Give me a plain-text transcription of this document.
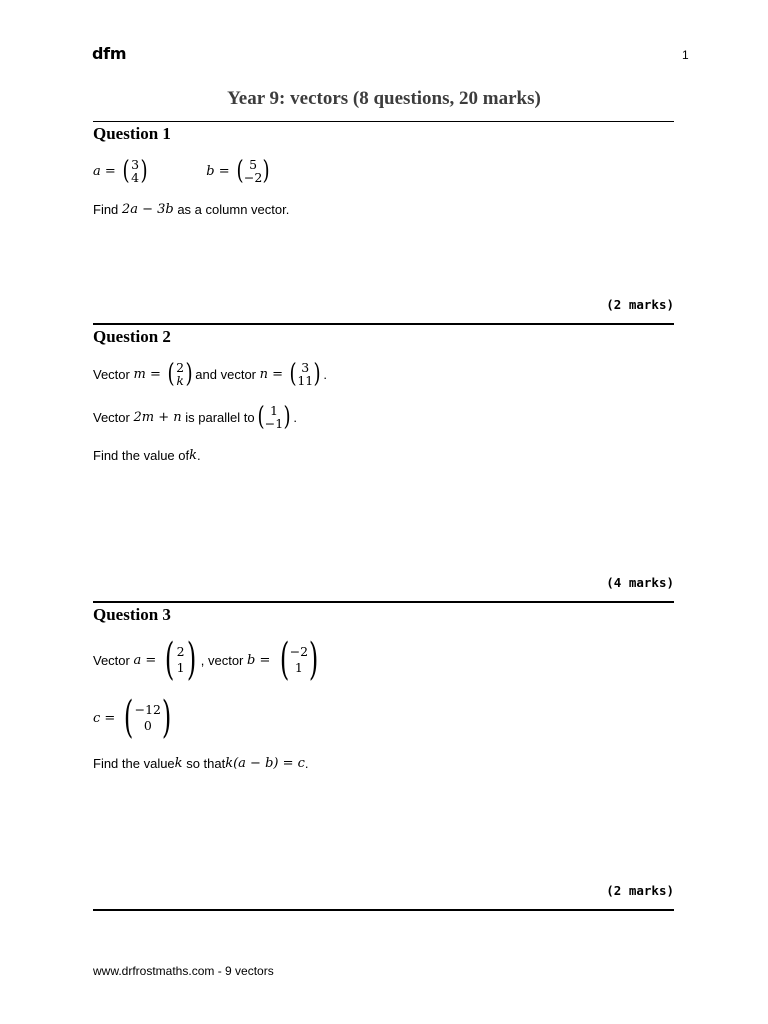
dfm	1
Year 9: vectors (8 questions, 20 marks)
Question 1
a = ( 3
4 )	b = ( 5
−2 )
Find
2a − 3b
as a column vector.
(2 marks)
Question 2
Vector
m = ( 2
k ) and vector
n = ( 3
11 ) .
Vector
2m + n
is parallel to ( 1
−1 ) .
Find the value of k .
(4 marks)
Question 3
Vector
a = ( 2
1 ) , vector
b = ( −2
1 )
c = ( −12
0 )
Find the value k
so that k(a − b) = c .
(2 marks)
www.drfrostmaths.com - 9 vectors
